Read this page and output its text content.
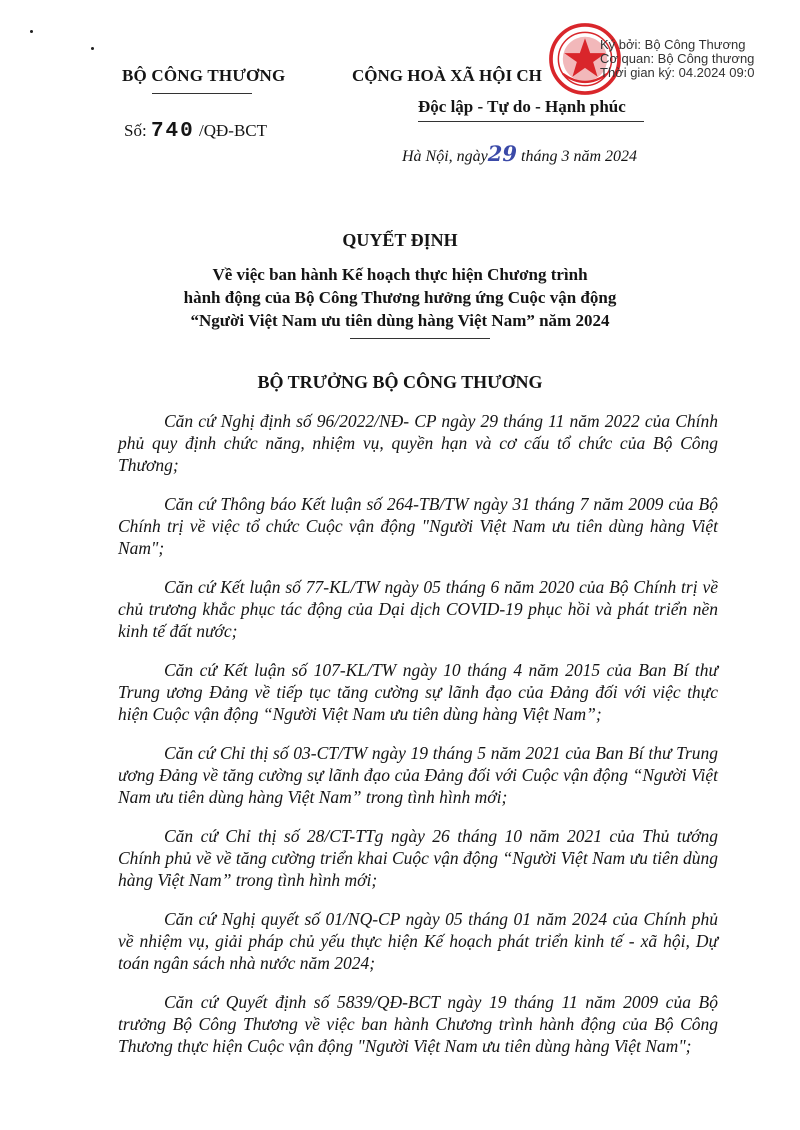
BỘ CÔNG THƯƠNG
Số: 740 /QĐ-BCT
CỘNG HOÀ XÃ HỘI CH
Độc lập - Tự do - Hạnh phúc
Hà Nội, ngày29 tháng 3 năm 2024
Ký bởi: Bộ Công Thương
Cơ quan: Bộ Công thương
Thời gian ký: 04.2024 09:0
QUYẾT ĐỊNH
Về việc ban hành Kế hoạch thực hiện Chương trình
hành động của Bộ Công Thương hưởng ứng Cuộc vận động
“Người Việt Nam ưu tiên dùng hàng Việt Nam” năm 2024
BỘ TRƯỞNG BỘ CÔNG THƯƠNG

Căn cứ Nghị định số 96/2022/NĐ- CP ngày 29 tháng 11 năm 2022 của Chính phủ quy định chức năng, nhiệm vụ, quyền hạn và cơ cấu tổ chức của Bộ Công Thương;

Căn cứ Thông báo Kết luận số 264-TB/TW ngày 31 tháng 7 năm 2009 của Bộ Chính trị về việc tổ chức Cuộc vận động "Người Việt Nam ưu tiên dùng hàng Việt Nam";

Căn cứ Kết luận số 77-KL/TW ngày 05 tháng 6 năm 2020 của Bộ Chính trị về chủ trương khắc phục tác động của Dại dịch COVID-19 phục hồi và phát triển nền kinh tế đất nước;

Căn cứ Kết luận số 107-KL/TW ngày 10 tháng 4 năm 2015 của Ban Bí thư Trung ương Đảng về tiếp tục tăng cường sự lãnh đạo của Đảng đối với việc thực hiện Cuộc vận động “Người Việt Nam ưu tiên dùng hàng Việt Nam”;

Căn cứ Chỉ thị số 03-CT/TW ngày 19 tháng 5 năm 2021 của Ban Bí thư Trung ương Đảng về tăng cường sự lãnh đạo của Đảng đối với Cuộc vận động “Người Việt Nam ưu tiên dùng hàng Việt Nam” trong tình hình mới;

Căn cứ Chỉ thị số 28/CT-TTg ngày 26 tháng 10 năm 2021 của Thủ tướng Chính phủ về về tăng cường triển khai Cuộc vận động “Người Việt Nam ưu tiên dùng hàng Việt Nam” trong tình hình mới;

Căn cứ Nghị quyết số 01/NQ-CP ngày 05 tháng 01 năm 2024 của Chính phủ về nhiệm vụ, giải pháp chủ yếu thực hiện Kế hoạch phát triển kinh tế - xã hội, Dự toán ngân sách nhà nước năm 2024;

Căn cứ Quyết định số 5839/QĐ-BCT ngày 19 tháng 11 năm 2009 của Bộ trưởng Bộ Công Thương về việc ban hành Chương trình hành động của Bộ Công Thương thực hiện Cuộc vận động "Người Việt Nam ưu tiên dùng hàng Việt Nam";
